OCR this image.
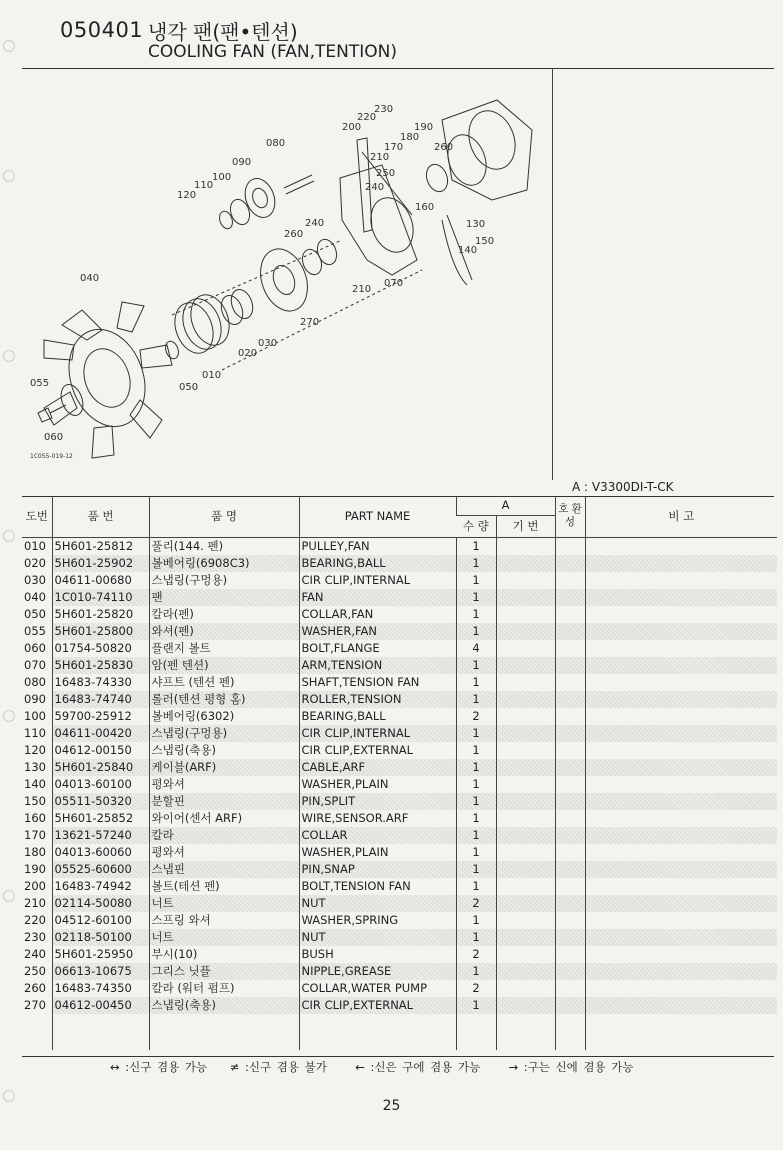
050401 냉각 팬(팬•텐션)
COOLING FAN (FAN,TENTION)
230
220
200	190
180
170	260
080
090
100
210
110
120
250
240
160
130
140
150
240
260
210
070
040
270
030
020
010
050
055
060
1C055-019-12
A : V3300DI-T-CK
도번	품 번	품 명	PART NAME	A		호 환 성	비 고
				수 량	기 번		
010	5H601-25812	풀리(144. 펜)	PULLEY,FAN	1			
020	5H601-25902	볼베어링(6908C3)	BEARING,BALL	1			
030	04611-00680	스냅링(구멍용)	CIR CLIP,INTERNAL	1			
040	1C010-74110	팬	FAN	1			
050	5H601-25820	칼라(펜)	COLLAR,FAN	1			
055	5H601-25800	와셔(펜)	WASHER,FAN	1			
060	01754-50820	플랜지 볼트	BOLT,FLANGE	4			
070	5H601-25830	암(펜 텐션)	ARM,TENSION	1			
080	16483-74330	샤프트 (텐션 펜)	SHAFT,TENSION FAN	1			
090	16483-74740	롤러(텐션 평형 홈)	ROLLER,TENSION	1			
100	59700-25912	볼베어링(6302)	BEARING,BALL	2			
110	04611-00420	스냅링(구멍용)	CIR CLIP,INTERNAL	1			
120	04612-00150	스냅링(축용)	CIR CLIP,EXTERNAL	1			
130	5H601-25840	케이블(ARF)	CABLE,ARF	1			
140	04013-60100	평와셔	WASHER,PLAIN	1			
150	05511-50320	분할핀	PIN,SPLIT	1			
160	5H601-25852	와이어(센서 ARF)	WIRE,SENSOR.ARF	1			
170	13621-57240	칼라	COLLAR	1			
180	04013-60060	평와셔	WASHER,PLAIN	1			
190	05525-60600	스냅핀	PIN,SNAP	1			
200	16483-74942	볼트(테션 펜)	BOLT,TENSION FAN	1			
210	02114-50080	너트	NUT	2			
220	04512-60100	스프링 와셔	WASHER,SPRING	1			
230	02118-50100	너트	NUT	1			
240	5H601-25950	부시(10)	BUSH	2			
250	06613-10675	그리스 닛플	NIPPLE,GREASE	1			
260	16483-74350	칼라 (워터 펌프)	COLLAR,WATER PUMP	2			
270	04612-00450	스냅링(축용)	CIR CLIP,EXTERNAL	1			

↔ :신구 겸용 가능 ≠ :신구 겸용 불가 ← :신은 구에 겸용 가능 → :구는 신에 겸용 가능
25
